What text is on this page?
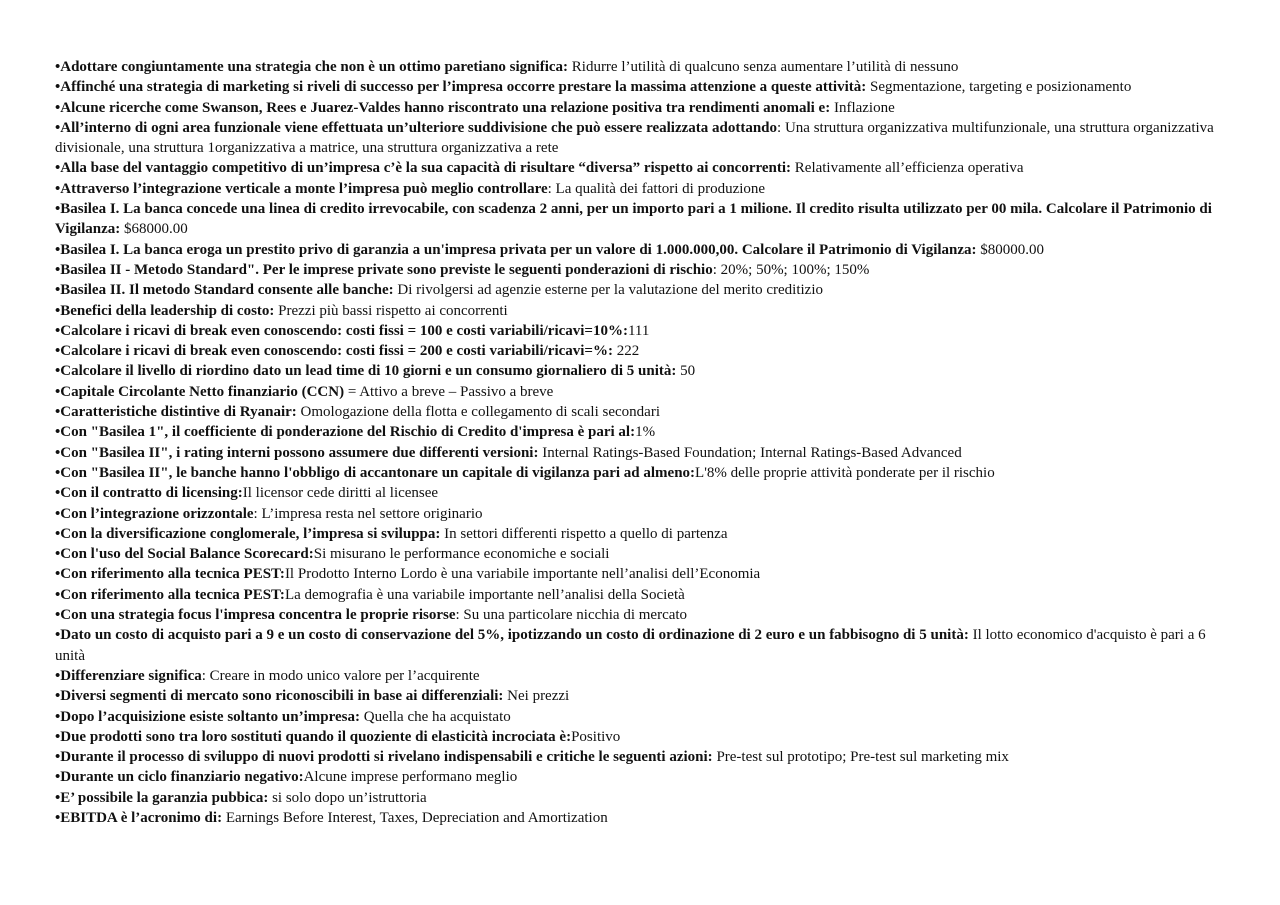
•Adottare congiuntamente una strategia che non è un ottimo paretiano significa: Ridurre l’utilità di qualcuno senza aumentare l’utilità di nessuno

•Affinché una strategia di marketing si riveli di successo per l’impresa occorre prestare la massima attenzione a queste attività: Segmentazione, targeting e posizionamento

•Alcune ricerche come Swanson, Rees e Juarez-Valdes hanno riscontrato una relazione positiva tra rendimenti anomali e: Inflazione

•All’interno di ogni area funzionale viene effettuata un’ulteriore suddivisione che può essere realizzata adottando: Una struttura organizzativa multifunzionale, una struttura organizzativa divisionale, una struttura 1organizzativa a matrice, una struttura organizzativa a rete

•Alla base del vantaggio competitivo di un’impresa c’è la sua capacità di risultare “diversa” rispetto ai concorrenti: Relativamente all’efficienza operativa

•Attraverso l’integrazione verticale a monte l’impresa può meglio controllare: La qualità dei fattori di produzione

•Basilea I. La banca concede una linea di credito irrevocabile, con scadenza 2 anni, per un importo pari a 1 milione. Il credito risulta utilizzato per 00 mila. Calcolare il Patrimonio di Vigilanza: $68000.00

•Basilea I. La banca eroga un prestito privo di garanzia a un'impresa privata per un valore di 1.000.000,00. Calcolare il Patrimonio di Vigilanza: $80000.00

•Basilea II - Metodo Standard". Per le imprese private sono previste le seguenti ponderazioni di rischio: 20%; 50%; 100%; 150%

•Basilea II. Il metodo Standard consente alle banche: Di rivolgersi ad agenzie esterne per la valutazione del merito creditizio

•Benefici della leadership di costo: Prezzi più bassi rispetto ai concorrenti

•Calcolare i ricavi di break even conoscendo: costi fissi = 100 e costi variabili/ricavi=10%:111

•Calcolare i ricavi di break even conoscendo: costi fissi = 200 e costi variabili/ricavi=%: 222

•Calcolare il livello di riordino dato un lead time di 10 giorni e un consumo giornaliero di 5 unità: 50

•Capitale Circolante Netto finanziario (CCN) = Attivo a breve – Passivo a breve

•Caratteristiche distintive di Ryanair: Omologazione della flotta e collegamento di scali secondari

•Con "Basilea 1", il coefficiente di ponderazione del Rischio di Credito d'impresa è pari al:1%

•Con "Basilea II", i rating interni possono assumere due differenti versioni: Internal Ratings-Based Foundation; Internal Ratings-Based Advanced

•Con "Basilea II", le banche hanno l'obbligo di accantonare un capitale di vigilanza pari ad almeno:L'8% delle proprie attività ponderate per il rischio

•Con il contratto di licensing:Il licensor cede diritti al licensee

•Con l’integrazione orizzontale: L’impresa resta nel settore originario

•Con la diversificazione conglomerale, l’impresa si sviluppa: In settori differenti rispetto a quello di partenza

•Con l'uso del Social Balance Scorecard:Si misurano le performance economiche e sociali

•Con riferimento alla tecnica PEST:Il Prodotto Interno Lordo è una variabile importante nell’analisi dell’Economia

•Con riferimento alla tecnica PEST:La demografia è una variabile importante nell’analisi della Società

•Con una strategia focus l'impresa concentra le proprie risorse: Su una particolare nicchia di mercato

•Dato un costo di acquisto pari a 9 e un costo di conservazione del 5%, ipotizzando un costo di ordinazione di 2 euro e un fabbisogno di 5 unità: Il lotto economico d'acquisto è pari a 6 unità

•Differenziare significa: Creare in modo unico valore per l’acquirente

•Diversi segmenti di mercato sono riconoscibili in base ai differenziali: Nei prezzi

•Dopo l’acquisizione esiste soltanto un’impresa: Quella che ha acquistato

•Due prodotti sono tra loro sostituti quando il quoziente di elasticità incrociata è:Positivo

•Durante il processo di sviluppo di nuovi prodotti si rivelano indispensabili e critiche le seguenti azioni: Pre-test sul prototipo; Pre-test sul marketing mix

•Durante un ciclo finanziario negativo:Alcune imprese performano meglio

•E’ possibile la garanzia pubbica: si solo dopo un’istruttoria

•EBITDA è l’acronimo di: Earnings Before Interest, Taxes, Depreciation and Amortization
